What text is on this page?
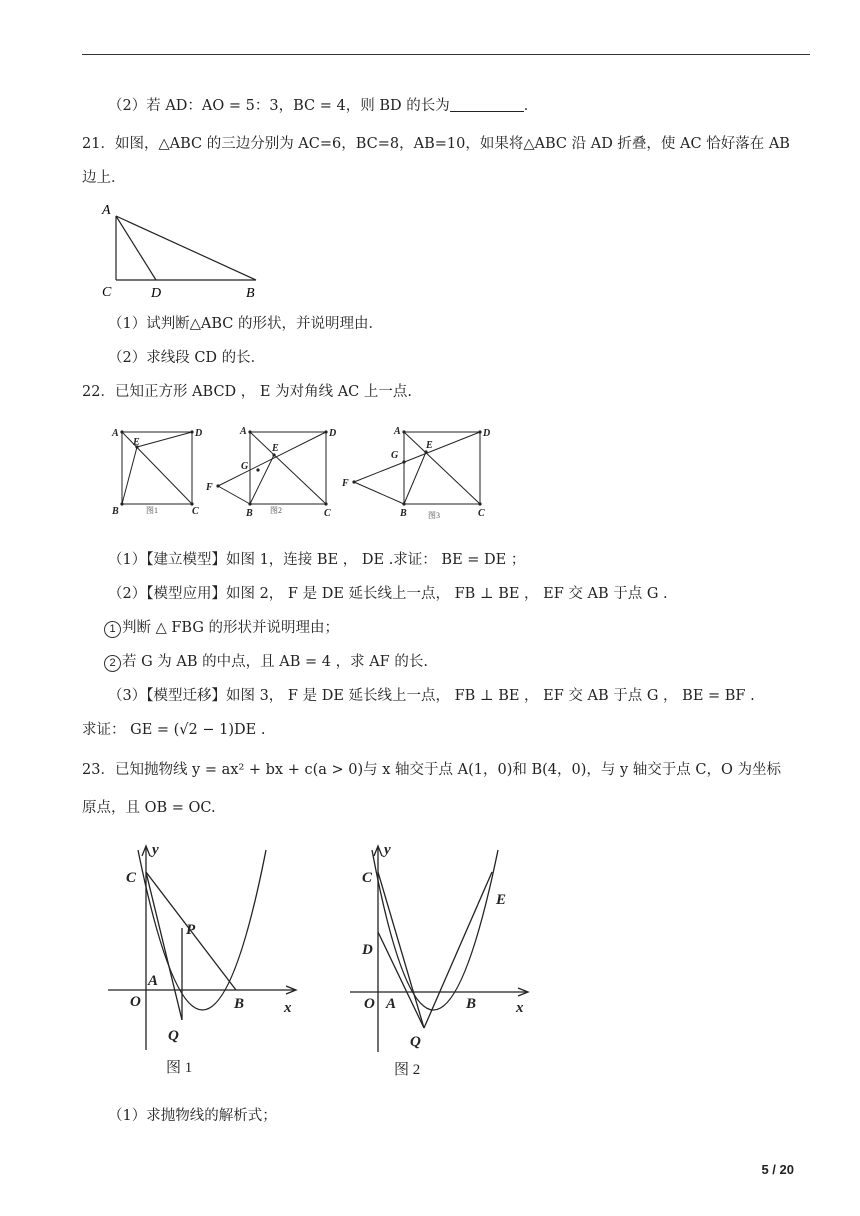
（2）若 AD：AO = 5：3，BC = 4，则 BD 的长为	．
21．如图，△ABC 的三边分别为 AC=6，BC=8，AB=10，如果将△ABC 沿 AD 折叠，使 AC 恰好落在 AB
边上．
A
C	D	B
（1）试判断△ABC 的形状，并说明理由．
（2）求线段 CD 的长．
22．已知正方形 ABCD ， E 为对角线 AC 上一点.
A	D
B	C
E
A	D
B	C
E
F
G
A	D
B	C
E
F
G
图1	图2
图3
（1）【建立模型】如图 1，连接 BE ， DE .求证： BE = DE ；
（2）【模型应用】如图 2， F 是 DE 延长线上一点， FB ⊥ BE ， EF 交 AB 于点 G .
1 判断 △ FBG 的形状并说明理由；
2 若 G 为 AB 的中点，且 AB = 4 ，求 AF 的长.
（3）【模型迁移】如图 3， F 是 DE 延长线上一点， FB ⊥ BE ， EF 交 AB 于点 G ， BE = BF .
求证： GE = (√2 − 1)DE .
23．已知抛物线 y = ax² + bx + c(a > 0)与 x 轴交于点 A(1，0)和 B(4，0)，与 y 轴交于点 C，O 为坐标
原点，且 OB = OC.
y
x
C
P
A
O	B
Q
图 1
y
x
C
E
D
O A	B
Q
图 2
（1）求抛物线的解析式；
5 / 20
